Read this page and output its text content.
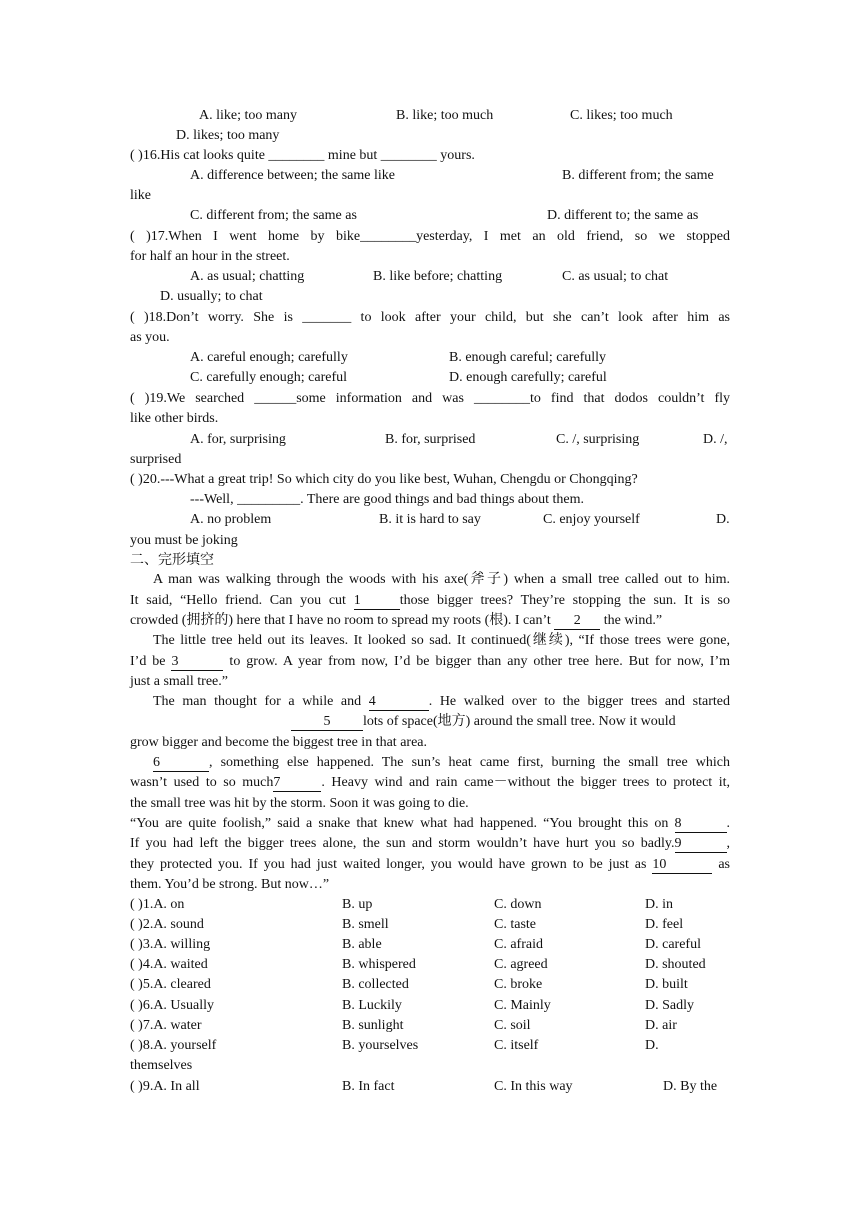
A. like; too many	B. like; too much	C. likes; too much
D. likes; too many
( )16.His cat looks quite ________ mine but ________ yours.
A. difference between; the same like	B. different from; the same
like
C. different from; the same as	D. different to; the same as
( )17.When I went home by bike________yesterday, I met an old friend, so we stopped
for half an hour in the street.
A. as usual; chatting	B. like before; chatting	C. as usual; to chat
D. usually; to chat
( )18.Don’t worry. She is _______ to look after your child, but she can’t look after him as
as you.
A. careful enough; carefully	B. enough careful; carefully
C. carefully enough; careful	D. enough carefully; careful
( )19.We searched ______some information and was ________to find that dodos couldn’t fly
like other birds.
A. for, surprising	B. for, surprised	C. /, surprising	D. /,
surprised
( )20.---What a great trip! So which city do you like best, Wuhan, Chengdu or Chongqing?
---Well, _________. There are good things and bad things about them.
A. no problem	B. it is hard to say	C. enjoy yourself	D.
you must be joking
二、完形填空
A man was walking through the woods with his axe(斧子) when a small tree called out to him.
It said, “Hello friend. Can you cut 1	those bigger trees? They’re stopping the sun. It is so
crowded (拥挤的) here that I have no room to spread my roots (根). I can’t 2 the wind.”
The little tree held out its leaves. It looked so sad. It continued(继续), “If those trees were gone,
I’d be 3	to grow. A year from now, I’d be bigger than any other tree here. But for now, I’m
just a small tree.”
The man thought for a while and 4	. He walked over to the bigger trees and started
5 lots of space(地方) around the small tree. Now it would
grow bigger and become the biggest tree in that area.
6	, something else happened. The sun’s heat came first, burning the small tree which
wasn’t used to so much7	. Heavy wind and rain came－without the bigger trees to protect it,
the small tree was hit by the storm. Soon it was going to die.
“You are quite foolish,” said a snake that knew what had happened. “You brought this on 8	.
If you had left the bigger trees alone, the sun and storm wouldn’t have hurt you so badly.9	,
they protected you. If you had just waited longer, you would have grown to be just as 10	as
them. You’d be strong. But now…”
( )1.A. on	B. up	C. down	D. in
( )2.A. sound	B. smell	C. taste	D. feel
( )3.A. willing	B. able	C. afraid	D. careful
( )4.A. waited	B. whispered	C. agreed	D. shouted
( )5.A. cleared	B. collected	C. broke	D. built
( )6.A. Usually	B. Luckily	C. Mainly	D. Sadly
( )7.A. water	B. sunlight	C. soil	D. air
( )8.A. yourself	B. yourselves	C. itself	D.
themselves
( )9.A. In all	B. In fact	C. In this way	D. By the
